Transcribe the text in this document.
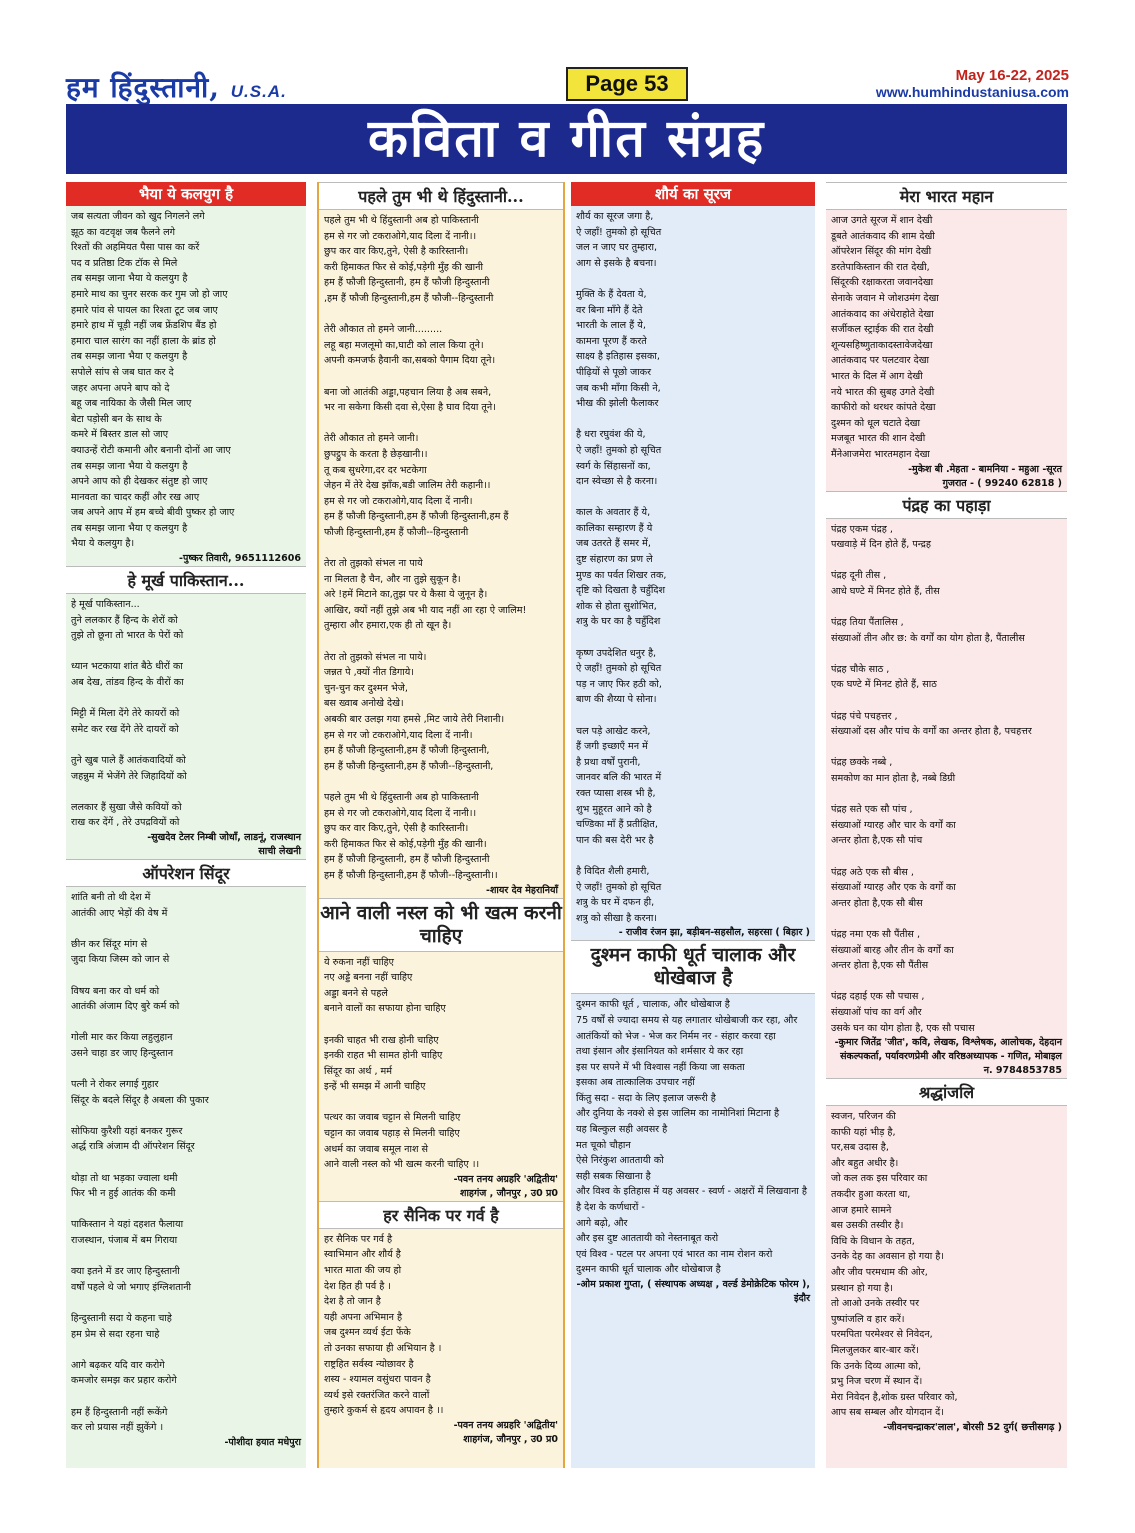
हम हिंदुस्तानी, U.S.A.	Page 53	May 16-22, 2025
www.humhindustaniusa.com
कविता व गीत संग्रह
भैया ये कलयुग है
जब सत्यता जीवन को खुद निगलने लगे
झूठ का वटवृक्ष जब फैलने लगे
रिश्तों की अहमियत पैसा पास का करें
पद व प्रतिष्ठा टिक टॉक से मिले
तब समझ जाना भैया ये कलयुग है
हमारे माथ का चुनर सरक कर गुम जो हो जाए
हमारे पांव से पायल का रिश्ता टूट जब जाए
हमारे हाथ में चूड़ी नहीं जब फ्रेंडशिप बैंड हो
हमारा चाल सारंग का नहीं हाला के ब्रांड हो
तब समझ जाना भैया ए कलयुग है
सपोले सांप से जब घात कर दे
जहर अपना अपने बाप को दे
बहू जब नायिका के जैसी मिल जाए
बेटा पड़ोसी बन के साथ के
कमरे में बिस्तर डाल सो जाए
क्याउन्हें रोटी कमानी और बनानी दोनों आ जाए
तब समझ जाना भैया ये कलयुग है
अपने आप को ही देखकर संतुष्ट हो जाए
मानवता का चादर कहीं और रख आए
जब अपने आप में हम बच्चे बीवी पुष्कर हो जाए
तब समझ जाना भैया ए कलयुग है
भैया ये कलयुग है।
-पुष्कर तिवारी, 9651112606
हे मूर्ख पाकिस्तान...
हे मूर्ख पाकिस्तान...
तुने ललकार हैं हिन्द के शेरों को
तुझे तो छूना तो भारत के पेरों को

ध्यान भटकाया शांत बैठे धीरों का
अब देख, तांडव हिन्द के वीरों का

मिट्टी में मिला देंगे तेरे कायरों को
समेट कर रख देंगे तेरे दायरों को

तुने खुब पाले हैं आतंकवादियों को
जहन्नुम में भेजेंगे तेरे जिहादियों को

ललकार हैं सुखा जैसे कवियों को
राख कर देंगें , तेरे उपद्रवियों को
-सुखदेव टेलर निम्बी जोधाँ, लाडनूं, राजस्थान
साची लेखनी
ऑपरेशन सिंदूर
शांति बनी तो थी देश में
आतंकी आए भेड़ों की वेष में

छीन कर सिंदूर मांग से
जुदा किया जिस्म को जान से

विषय बना कर वो धर्म को
आतंकी अंजाम दिए बुरे कर्म को

गोली मार कर किया लहुलुहान
उसने चाहा डर जाए हिन्दुस्तान

पत्नी ने रोकर लगाई गुहार
सिंदूर के बदले सिंदूर है अबला की पुकार

सोफिया कुरैशी यहां बनकर गुरूर
अर्द्ध रात्रि अंजाम दी ऑपरेशन सिंदूर

थोड़ा तो था भड़का ज्वाला थमी
फिर भी न हुई आतंक की कमी

पाकिस्तान ने यहां दहशत फैलाया
राजस्थान, पंजाब में बम गिराया

क्या इतने में डर जाए हिन्दुस्तानी
वर्षों पहले थे जो भगाए इंग्लिशतानी

हिन्दुस्तानी सदा ये कहना चाहे
हम प्रेम से सदा रहना चाहे

आगे बढ़कर यदि वार करोगे
कमजोर समझ कर प्रहार करोगे

हम हैं हिन्दुस्तानी नहीं रूकेंगे
कर लो प्रयास नहीं झुकेंगे ।
-पोशीदा हयात मधेपुरा
पहले तुम भी थे हिंदुस्तानी...
पहले तुम भी थे हिंदुस्तानी अब हो पाकिस्तानी
हम से गर जो टकराओगे,याद दिला दें नानी।।
छुप कर वार किए,तुने, ऐसी है कारिस्तानी।
करी हिमाकत फिर से कोई,पड़ेगी मुँह की खानी
हम हैं फौजी हिन्दुस्तानी, हम हैं फौजी हिन्दुस्तानी
,हम हैं फौजी हिन्दुस्तानी,हम हैं फौजी--हिन्दुस्तानी

तेरी औकात तो हमने जानी.........
लहू बहा मजलूमो का,घाटी को लाल किया तूने।
अपनी कमजर्फ हैवानी का,सबको पैगाम दिया तूने।

बना जो आतंकी अड्डा,पहचान लिया है अब सबने,
भर ना सकेगा किसी दवा से,ऐसा है घाव दिया तूने।

तेरी औकात तो हमने जानी।
छुपट्ठुप के करता है छेड़खानी।।
तू कब सुधरेगा,दर दर भटकेगा
जेहन में तेरे देख झाँक,बडी जालिम तेरी कहानी।।
हम से गर जो टकराओगे,याद दिला दें नानी।
हम हैं फौजी हिन्दुस्तानी,हम हैं फौजी हिन्दुस्तानी,हम हैं
फौजी हिन्दुस्तानी,हम हैं फौजी--हिन्दुस्तानी

तेरा तो तुझको संभल ना पाये
ना मिलता है चैन, और ना तुझे सुकून है।
अरे !हमें मिटाने का,तुझ पर ये कैसा ये जुनून है।
आखिर, क्यों नहीं तुझे अब भी याद नहीं आ रहा ऐ जालिम!
तुम्हारा और हमारा,एक ही तो खून है।

तेरा तो तुझको संभल ना पाये।
जन्नत पे ,क्यों नीत डिगाये।
चुन-चुन कर दुश्मन भेजे,
बस ख्वाब अनोखे देखे।
अबकी बार उलझ गया हमसे ,मिट जाये तेरी निशानी।
हम से गर जो टकराओगे,याद दिला दें नानी।
हम हैं फौजी हिन्दुस्तानी,हम हैं फौजी हिन्दुस्तानी,
हम हैं फौजी हिन्दुस्तानी,हम हैं फौजी--हिन्दुस्तानी,

पहले तुम भी थे हिंदुस्तानी अब हो पाकिस्तानी
हम से गर जो टकराओगे,याद दिला दें नानी।।
छुप कर वार किए,तुने, ऐसी है कारिस्तानी।
करी हिमाकत फिर से कोई,पड़ेगी मुँह की खानी।
हम हैं फौजी हिन्दुस्तानी, हम हैं फौजी हिन्दुस्तानी
हम हैं फौजी हिन्दुस्तानी,हम हैं फौजी--हिन्दुस्तानी।।
-शायर देव मेहरानियाँ
आने वाली नस्ल को भी खत्म करनी चाहिए
ये रुकना नहीं चाहिए
नए अड्डे बनना नहीं चाहिए
अड्डा बनने से पहले
बनाने वालों का सफाया होना चाहिए

इनकी चाहत भी राख होनी चाहिए
इनकी राहत भी सामत होनी चाहिए
सिंदूर का अर्थ , मर्म
इन्हें भी समझ में आनी चाहिए

पत्थर का जवाब चट्टान से मिलनी चाहिए
चट्टान का जवाब पहाड़ से मिलनी चाहिए
अधर्म का जवाब समूल नाश से
आने वाली नस्ल को भी खत्म करनी चाहिए ।।
-पवन तनय अग्रहरि 'अद्वितीय'
शाहगंज , जौनपुर , उ0 प्र0
हर सैनिक पर गर्व है
हर सैनिक पर गर्व है
स्वाभिमान और शौर्य है
भारत माता की जय हो
देश हित ही पर्व है ।
देश है तो जान है
यही अपना अभिमान है
जब दुश्मन व्यर्थ ईटा फेंके
तो उनका सफाया ही अभियान है ।
राष्ट्रहित सर्वस्व न्योछावर है
शस्य - श्यामल वसुंधरा पावन है
व्यर्थ इसे रक्तरंजित करने वालों
तुम्हारे कुकर्म से हृदय अपावन है ।।
-पवन तनय अग्रहरि 'अद्वितीय'
शाहगंज, जौनपुर , उ0 प्र0
शौर्य का सूरज
शौर्य का सूरज जगा है,
ऐ जहाँ! तुमको हो सूचित
जल न जाए घर तुम्हारा,
आग से इसके है बचना।

मुक्ति के हैं देवता ये,
वर बिना माँगे हैं देते
भारती के लाल हैं ये,
कामना पूरण हैं करते
साक्ष्य है इतिहास इसका,
पीढ़ियों से पूछो जाकर
जब कभी माँगा किसी ने,
भीख की झोली फैलाकर

है धरा रघुवंश की ये,
ऐ जहाँ! तुमको हो सूचित
स्वर्ग के सिंहासनों का,
दान स्वेच्छा से है करना।

काल के अवतार हैं ये,
कालिका सम्हारण हैं ये
जब उतरते हैं समर में,
दुष्ट संहारण का प्रण ले
मुण्ड का पर्वत शिखर तक,
दृष्टि को दिखता है चहुँदिश
शोक से होता सुशोभित,
शत्रु के घर का है चहुँदिश

कृष्ण उपदेशित धनुर है,
ऐ जहाँ! तुमको हो सूचित
पड़ न जाए फिर हठी को,
बाण की शैय्या पे सोना।

चल पड़े आखेट करने,
हैं जगी इच्छाएँ मन में
है प्रथा वर्षों पुरानी,
जानवर बलि की भारत में
रक्त प्यासा शस्त्र भी है,
शुभ मुहूरत आने को है
चण्डिका माँ हैं प्रतीक्षित,
पान की बस देरी भर है

है विदित शैली हमारी,
ऐ जहाँ! तुमको हो सूचित
शत्रु के घर में दफन ही,
शत्रु को सीखा है करना।
- राजीव रंजन झा, बड़ीबन-सहसौल, सहरसा ( बिहार )
दुश्मन काफी धूर्त चालाक और धोखेबाज है
दुश्मन काफी धूर्त , चालाक, और धोखेबाज है
75 वर्षों से ज्यादा समय से यह लगातार धोखेबाजी कर रहा, और
आतंकियों को भेज - भेज कर निर्मम नर - संहार करवा रहा
तथा इंसान और इंसानियत को शर्मसार ये कर रहा
इस पर सपने में भी विश्वास नहीं किया जा सकता
इसका अब तात्कालिक उपचार नहीं
किंतु सदा - सदा के लिए इलाज जरूरी है
और दुनिया के नक्शे से इस जालिम का नामोनिशां मिटाना है
यह बिल्कुल सही अवसर है
मत चूको चौहान
ऐसे निरंकुश आततायी को
सही सबक सिखाना है
और विश्व के इतिहास में यह अवसर - स्वर्ण - अक्षरों में लिखवाना है
है देश के कर्णधारों -
आगे बढ़ो, और
और इस दुष्ट आततायी को नेस्तनाबूत करो
एवं विश्व - पटल पर अपना एवं भारत का नाम रोशन करो
दुश्मन काफी धूर्त चालाक और धोखेबाज है
-ओम प्रकाश गुप्ता, ( संस्थापक अध्यक्ष , वर्ल्ड डेमोक्रेटिक फोरम ), इंदौर
मेरा भारत महान
आज उगते सूरज में शान देखी
डूबते आतंकवाद की शाम देखी
ऑपरेशन सिंदूर की मांग देखी
डरतेपाकिस्तान की रात देखी,
सिंदूरकी रक्षाकरता जवानदेखा
सेनाके जवान मे जोशउमंग देखा
आतंकवाद का अंधेराहोते देखा
सर्जीकल स्ट्राईक की रात देखी
शून्यसहिष्णुताकादस्तावेजदेखा
आतंकवाद पर पलटवार देखा
भारत के दिल में आग देखी
नये भारत की सुबह उगते देखी
काफीरो को थरथर कांपते देखा
दुश्मन को धूल चटाते देखा
मजबूत भारत की शान देखी
मैंनेआजमेरा भारतमहान देखा
-मुकेश बी .मेहता - बामनिया - महुआ -सूरत
गुजरात - ( 99240 62818 )
पंद्रह का पहाड़ा
पंद्रह एकम पंद्रह ,
पखवाड़े में दिन होते हैं, पन्द्रह

पंद्रह दूनी तीस ,
आधे घण्टे में मिनट होते हैं, तीस

पंद्रह तिया पैंतालिस ,
संख्याओं तीन और छ: के वर्गों का योग होता है, पैंतालीस

पंद्रह चौके साठ ,
एक घण्टे में मिनट होते हैं, साठ

पंद्रह पंचे पचहत्तर ,
संख्याओं दस और पांच के वर्गों का अन्तर होता है, पचहत्तर

पंद्रह छक्के नब्बे ,
समकोण का मान होता है, नब्बे डिग्री

पंद्रह सते एक सौ पांच ,
संख्याओं ग्यारह और चार के वर्गों का
अन्तर होता है,एक सौ पांच

पंद्रह अठे एक सौ बीस ,
संख्याओं ग्यारह और एक के वर्गों का
अन्तर होता है,एक सौ बीस

पंद्रह नमा एक सौ पैंतीस ,
संख्याओं बारह और तीन के वर्गों का
अन्तर होता है,एक सौ पैंतीस

पंद्रह दहाई एक सौ पचास ,
संख्याओं पांच का वर्ग और
उसके घन का योग होता है, एक सौ पचास
-कुमार जितेंद्र 'जीत', कवि, लेखक, विश्लेषक, आलोचक, देहदान संकल्पकर्ता, पर्यावरणप्रेमी और वरिष्ठअध्यापक - गणित, मोबाइल न. 9784853785
श्रद्धांजलि
स्वजन, परिजन की
काफी यहां भीड़ है,
पर,सब उदास है,
और बहुत अधीर है।
जो कल तक इस परिवार का
तकदीर हुआ करता था,
आज हमारे सामने
बस उसकी तस्वीर है।
विधि के विधान के तहत,
उनके देह का अवसान हो गया है।
और जीव परमधाम की ओर,
प्रस्थान हो गया है।
तो आओ उनके तस्वीर पर
पुष्पांजलि व हार करें।
परमपिता परमेश्वर से निवेदन,
मिलजुलकर बार-बार करें।
कि उनके दिव्य आत्मा को,
प्रभु निज चरण में स्थान दें।
मेरा निवेदन है,शोक ग्रस्त परिवार को,
आप सब सम्बल और योगदान दें।
-जीवनचन्द्राकर'लाल', बोरसी 52 दुर्ग( छत्तीसगढ़ )
